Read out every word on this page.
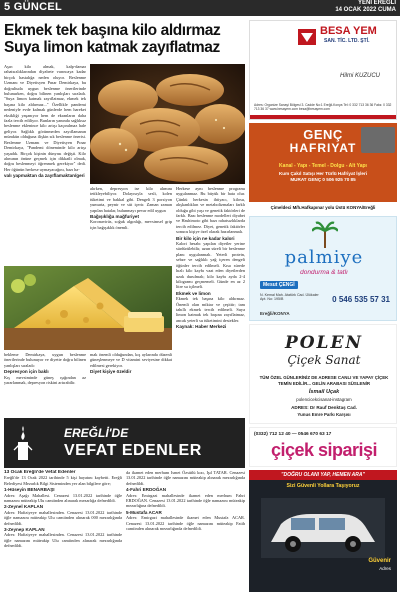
5 GÜNCEL	YENİ EREĞLİ
14 OCAK 2022 CUMA
Ekmek tek başına kilo aldırmaz
Suya limon katmak zayıflatmaz

Aşırı kilo almak, kalp-damar rahatsızlıklarından diyabete varıncaya kadar birçok hastalığa neden oluyor. Beslenme Uzmanı ve Diyetisyen Pınar Demirkaya, bu doğrultuda uygun beslenme önerilerinde bulunurken, doğru bilinen yanlışları sıraladı. "Suya limon katmak zayıflatmaz, ekmek tek başına kilo aldırmaz..." Özellikle pandemi nedeniyle evde kalmak günlerde hem hareket eksikliği yaşanıyor hem de ekranların daha fazla tercih ediliyor. Bunların yanında sağlıksız beslenme eklenince kilo artışı kaçınılmaz hale geliyor. Sağlıklı görünmeden zayıflamanın mümkün olduğuna ilişkin sık beslenme önerisi. Beslenme Uzmanı ve Diyetisyen Pınar Demirkaya, "Pandemi döneminde kilo artışı yaşadık. Birçok kişinin dünyası değişti. Kilo alımının önüne geçmek için dikkatli olmak, doğru beslenmeyi öğrenmek gerekiyor" dedi. Her öğünün herkese uymayacağını, bazı ha-

valı yapmaktan da zayıflamaktan/geri

alırken, depresyon ise kilo alımını tetikleyebiliyor. Dolayısıyla sesli, kolen tüketimi ve bakkal gibi. Dengeli 3 porsiyon yumurta, peynir ve süt içerir. Zaman zaman yapılan hatalar, bulunmayı pevar edil uygun

Bağışıklığa mağfuriyet

Koronavirüs, soğuk algınlığı, mevsimsel grip için bağışıklık önemli.

Herkese aynı beslenme programı uygulanmaz. Bu büyük bir hata olur. Çünkü herkesin ihtiyacı, kilosu, alışkanlıkları ve metabolizmaları farklı olduğu gibi yaşı ve genetik faktörleri de farklı. Bazı beslenme modelleri diyabet ve Hashimoto gibi bazı rahatsızlıklarda tercih edilmez. Diyet, genetik faktörler sonucu kişiye özel olarak hazırlanmalı.

Bir kilo için ne kadar kalori

Kalori hesabı yapılan diyetler yerine sürdürülebilir, uzun süreli bir beslenme planı uygulanmalı. Yeterli protein, sebze ve sağlıklı yağ içeren dengeli öğünler tercih edilmeli. Kısa sürede hızlı kilo kaybı vaat eden diyetlerden uzak durulmalı; kilo kaybı ayda 2-4 kilogramı geçmemeli. Günde en az 2 litre su içilmeli.

Ekmek ve limon

Ekmek tek başına kilo aldırmaz. Önemli olan miktar ve çeşittir; tam tahıllı ekmek tercih edilmeli. Suya limon katmak tek başına zayıflatmaz, ancak yeterli su tüketimini destekler.

Kaynak: Haber Merkezi

bekleme Demirkaya, uygun beslenme önerilerinde bulunuyor ve diyette doğru bilinen yanlışları sıraladı:

Depresyon için baklı

Kış mevsiminde güneş ışığından az yararlanmak, depresyon riskini artırabilir.

mak önemli olduğundan, kış aylarında düzenli güneşlenmeye ve D vitamini seviyesine dikkat edilmesi gerekiyor.

Diyet kişiye özeldir

EREĞLİ'DE
VEFAT EDENLER

13 Ocak Ereğli'de Vefat Edenler

Ereğli'de 13 Ocak 2022 tarihinde 5 kişi hayatını kaybetti. Ereğli Belediyesi Mezarlık Bilgi Sisteminden yer alan bilgilere göre;

1-Hüseyin BENARBAŞI

Adres: Aşağı Mahallesi. Cenazesi 13.01.2022 tarihinde öğle namazını müteakip Ulu camiinden alınarak mezarlığa defnedildi.

2-Zeynel KAPLAN

Adres: Hafiziyeye mahallesinden. Cenazesi 13.01.2022 tarihinde öğle namazını müteakip Ulu camiinden alınarak 000 mezarlığında defnedildi.

3-Zeynep KAPLAN

Adres: Hafiziyeye mahallesinden. Cenazesi 13.01.2022 tarihinde öğle namazını müteakip Ulu camiinden alınarak mezarlığında defnedildi.

da ikamet eden merhum Ismet Özsütlü kızı, Işıl TATAR. Cenazesi 13.01.2022 tarihinde öğle namazını müteakip alınarak mezarlığında defnedildi.

4-Fahri ERDOĞAN

Adres: Emirgazi mahallesinde ikamet eden merhum Fahri ERDOĞAN. Cenazesi 13.01.2022 tarihinde öğle namazını müteakip mezarlığına defnedildi.

5-Mustafa ACAR

Adres: Emirgazi mahallesinde ikamet eden Mustafa ACAR. Cenazesi 13.01.2022 tarihinde öğle namazını müteakip Fatih camiinden alınarak mezarlığında defnedildi.

BESA YEM
SAN. TİC. LTD. ŞTİ.
Hilmi KUZUCU
Adres: Organize Sanayi Bölgesi 3. Cadde No:1 Ereğli-Konya Tel: 0 332 713 36 36 Faks: 0 332 713 36 37 www.besayem.com besa@besayem.com
GENÇ
HAFRIYAT
Kanal - Yapı - Temel - Dolgu - Alt Yapı
Kum Çakıl Satışı Her Türlü Hafriyat İşleri
MURAT GENÇ 0 506 925 70 85
Çimeldeci M/h.Hafkapınar yolu Üstü KONYA/Ereğli
palmiye
dondurma & tatlı
Mesut ÇENGİ
N. Kemal Mah. Atatürk Cad. Ülükaler Apt. No: 195/B	0 546 535 57 31
Ereğli/KONYA
POLEN
Çiçek Sanat
TÜM ÖZEL GÜNLERİNİZ DE ADRESE CANLI VE YAPAY ÇİÇEK TEMİN EDİLİR... GELİN ARABASI SÜSLENİR
İsmail Uçak
polencicekcisanat-instagram
ADRES: Dr Rauf Denktaş Cad.
Yunus Emre Parkı Karşısı
(0332) 712 12 40 — 0546 670 63 17
çiçek siparişi
"DOĞRU OLANI YAP, HEMEN ARA"
Sizi Güvenli Yollara Taşıyoruz
Güvenir
Adres
